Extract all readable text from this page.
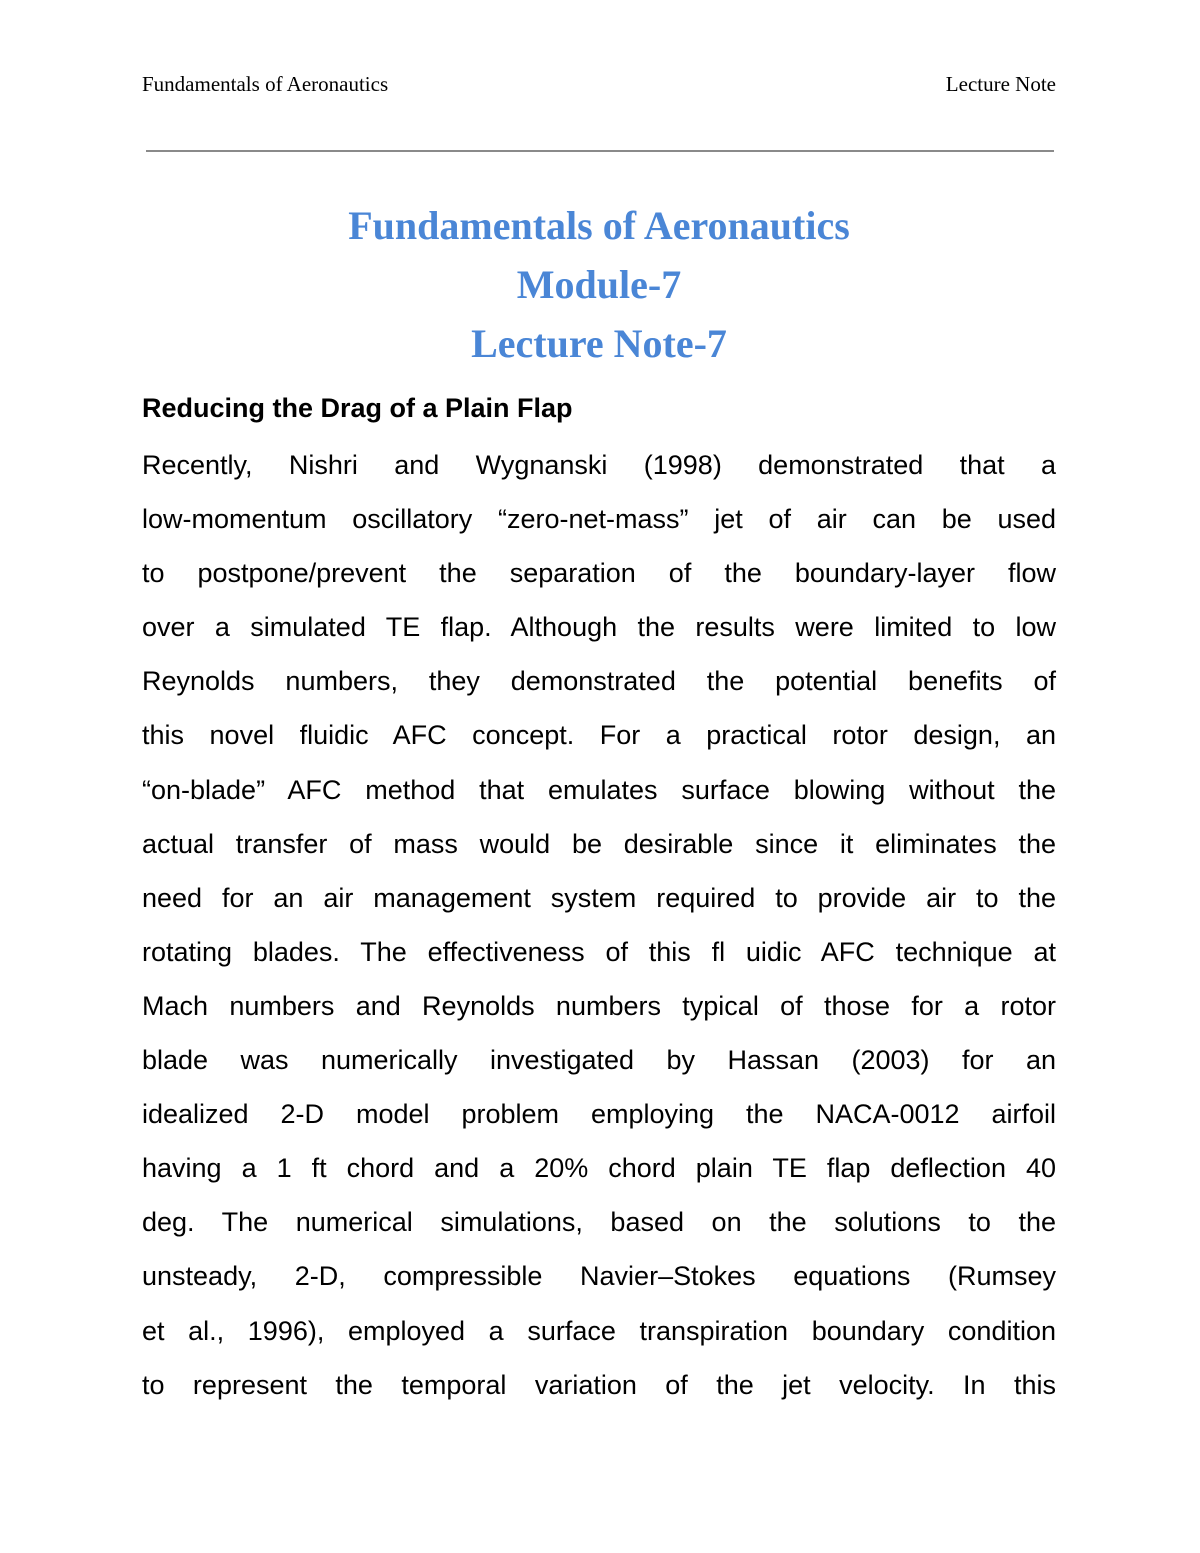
Fundamentals of Aeronautics	Lecture Note
Fundamentals of Aeronautics
Module-7
Lecture Note-7
Reducing the Drag of a Plain Flap
Recently, Nishri and Wygnanski (1998) demonstrated that a
low-momentum oscillatory “zero-net-mass” jet of air can be used
to postpone/prevent the separation of the boundary-layer flow
over a simulated TE flap. Although the results were limited to low
Reynolds numbers, they demonstrated the potential benefits of
this novel fluidic AFC concept. For a practical rotor design, an
“on-blade” AFC method that emulates surface blowing without the
actual transfer of mass would be desirable since it eliminates the
need for an air management system required to provide air to the
rotating blades. The effectiveness of this fl uidic AFC technique at
Mach numbers and Reynolds numbers typical of those for a rotor
blade was numerically investigated by Hassan (2003) for an
idealized 2-D model problem employing the NACA-0012 airfoil
having a 1 ft chord and a 20% chord plain TE flap deflection 40
deg. The numerical simulations, based on the solutions to the
unsteady, 2-D, compressible Navier–Stokes equations (Rumsey
et al., 1996), employed a surface transpiration boundary condition
to represent the temporal variation of the jet velocity. In this
